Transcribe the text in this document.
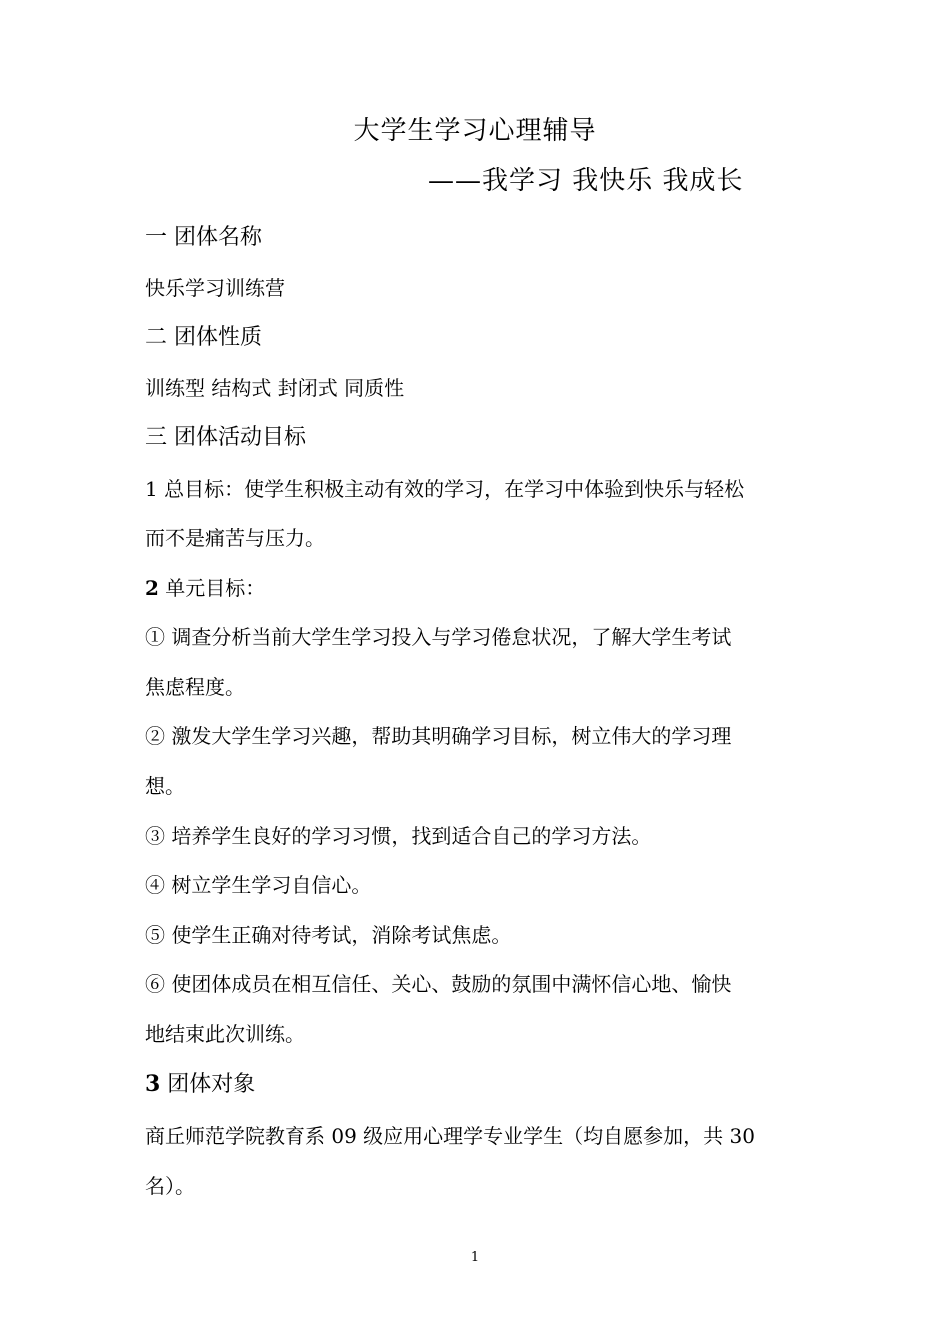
大学生学习心理辅导
——我学习 我快乐 我成长
一 团体名称
快乐学习训练营
二 团体性质
训练型 结构式 封闭式 同质性
三 团体活动目标
1 总目标：使学生积极主动有效的学习，在学习中体验到快乐与轻松
而不是痛苦与压力。
2 单元目标：
① 调查分析当前大学生学习投入与学习倦怠状况，了解大学生考试
焦虑程度。
② 激发大学生学习兴趣，帮助其明确学习目标，树立伟大的学习理
想。
③ 培养学生良好的学习习惯，找到适合自己的学习方法。
④ 树立学生学习自信心。
⑤ 使学生正确对待考试，消除考试焦虑。
⑥ 使团体成员在相互信任、关心、鼓励的氛围中满怀信心地、愉快
地结束此次训练。
3 团体对象
商丘师范学院教育系 09 级应用心理学专业学生（均自愿参加，共 30
名）。
1
